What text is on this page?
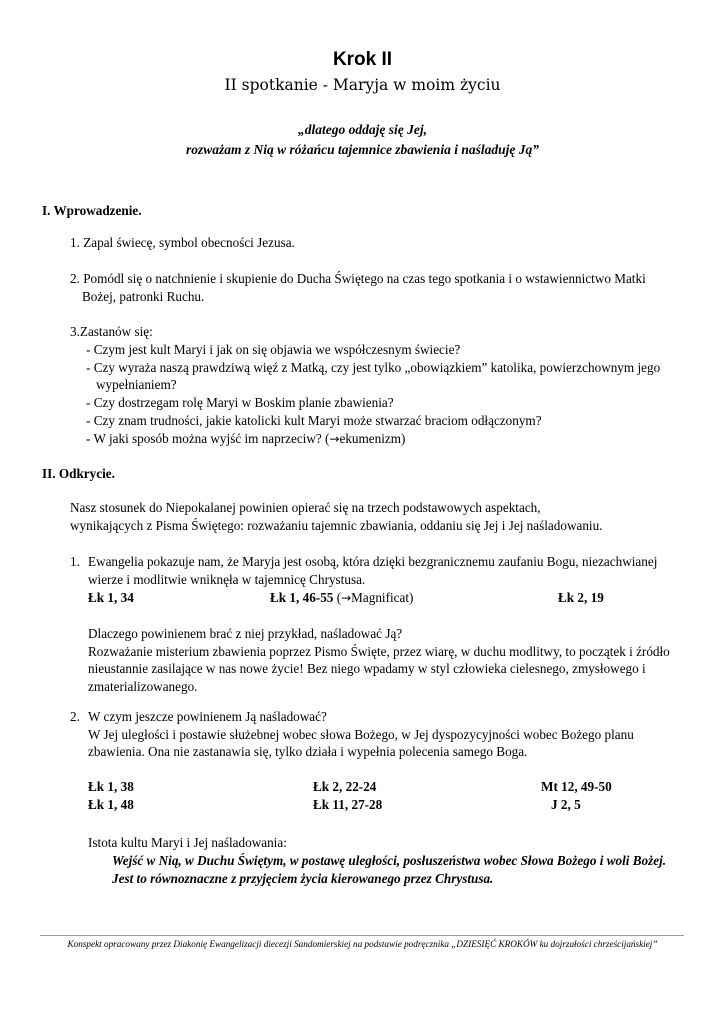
Krok II
II spotkanie - Maryja w moim życiu
„dlatego oddaję się Jej,
rozważam z Nią w różańcu tajemnice zbawienia i naśladuję Ją”
I. Wprowadzenie.
1. Zapal świecę, symbol obecności Jezusa.
2. Pomódl się o natchnienie i skupienie do Ducha Świętego na czas tego spotkania i o wstawiennictwo Matki
Bożej, patronki Ruchu.
3.Zastanów się:
- Czym jest kult Maryi i jak on się objawia we współczesnym świecie?
- Czy wyraża naszą prawdziwą więź z Matką, czy jest tylko „obowiązkiem” katolika, powierzchownym jego
wypełnianiem?
- Czy dostrzegam rolę Maryi w Boskim planie zbawienia?
- Czy znam trudności, jakie katolicki kult Maryi może stwarzać braciom odłączonym?
- W jaki sposób można wyjść im naprzeciw? (→ekumenizm)
II. Odkrycie.
Nasz stosunek do Niepokalanej powinien opierać się na trzech podstawowych aspektach,
wynikających z Pisma Świętego: rozważaniu tajemnic zbawiania, oddaniu się Jej i Jej naśladowaniu.
1. Ewangelia pokazuje nam, że Maryja jest osobą, która dzięki bezgranicznemu zaufaniu Bogu, niezachwianej
wierze i modlitwie wniknęła w tajemnicę Chrystusa.
Łk 1, 34	Łk 1, 46-55 (→Magnificat)	Łk 2, 19
Dlaczego powinienem brać z niej przykład, naśladować Ją?
Rozważanie misterium zbawienia poprzez Pismo Święte, przez wiarę, w duchu modlitwy, to początek i źródło
nieustannie zasilające w nas nowe życie! Bez niego wpadamy w styl człowieka cielesnego, zmysłowego i
zmaterializowanego.
2. W czym jeszcze powinienem Ją naśladować?
W Jej uległości i postawie służebnej wobec słowa Bożego, w Jej dyspozycyjności wobec Bożego planu
zbawienia. Ona nie zastanawia się, tylko działa i wypełnia polecenia samego Boga.
Łk 1, 38	Łk 2, 22-24	Mt 12, 49-50
Łk 1, 48	Łk 11, 27-28	J 2, 5
Istota kultu Maryi i Jej naśladowania:
Wejść w Nią, w Duchu Świętym, w postawę uległości, posłuszeństwa wobec Słowa Bożego i woli Bożej.
Jest to równoznaczne z przyjęciem życia kierowanego przez Chrystusa.
Konspekt opracowany przez Diakonię Ewangelizacji diecezji Sandomierskiej na podstawie podręcznika „DZIESIĘĆ KROKÓW ku dojrzałości chrześcijańskiej”
